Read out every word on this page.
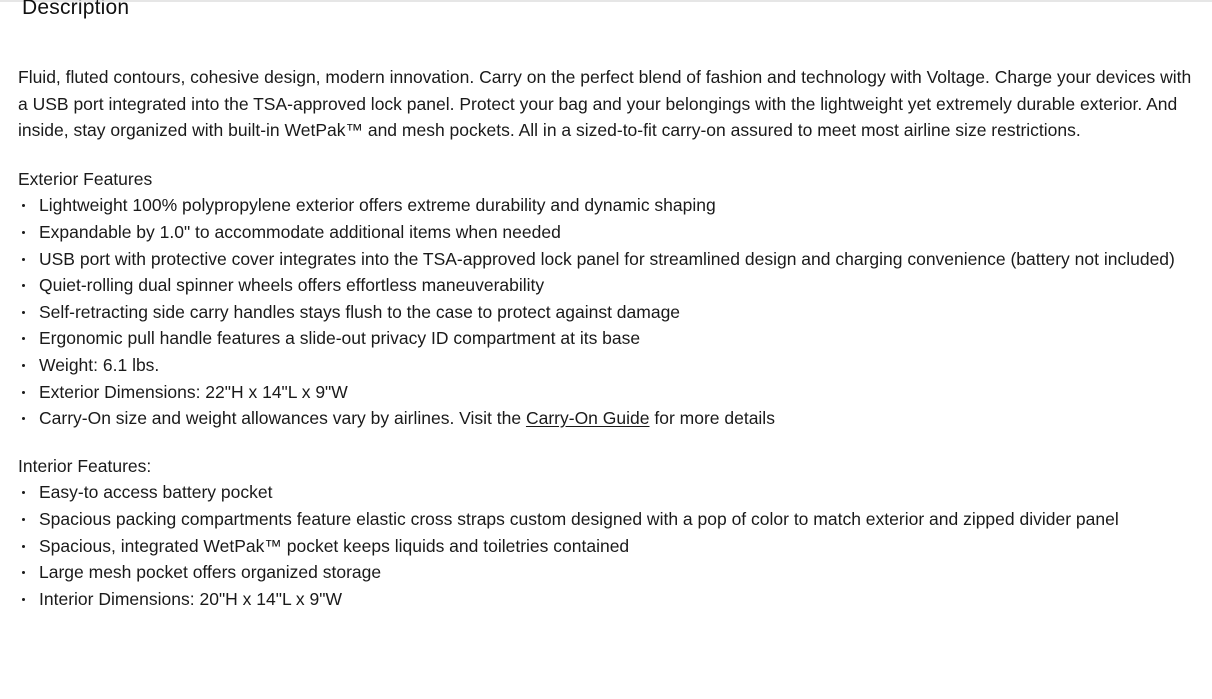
Description

Fluid, fluted contours, cohesive design, modern innovation. Carry on the perfect blend of fashion and technology with Voltage. Charge your devices with a USB port integrated into the TSA-approved lock panel. Protect your bag and your belongings with the lightweight yet extremely durable exterior. And inside, stay organized with built-in WetPak™ and mesh pockets. All in a sized-to-fit carry-on assured to meet most airline size restrictions.

Exterior Features
Lightweight 100% polypropylene exterior offers extreme durability and dynamic shaping
Expandable by 1.0" to accommodate additional items when needed
USB port with protective cover integrates into the TSA-approved lock panel for streamlined design and charging convenience (battery not included)
Quiet-rolling dual spinner wheels offers effortless maneuverability
Self-retracting side carry handles stays flush to the case to protect against damage
Ergonomic pull handle features a slide-out privacy ID compartment at its base
Weight: 6.1 lbs.
Exterior Dimensions: 22"H x 14"L x 9"W
Carry-On size and weight allowances vary by airlines. Visit the Carry-On Guide for more details
Interior Features:
Easy-to access battery pocket
Spacious packing compartments feature elastic cross straps custom designed with a pop of color to match exterior and zipped divider panel
Spacious, integrated WetPak™ pocket keeps liquids and toiletries contained
Large mesh pocket offers organized storage
Interior Dimensions: 20"H x 14"L x 9"W
